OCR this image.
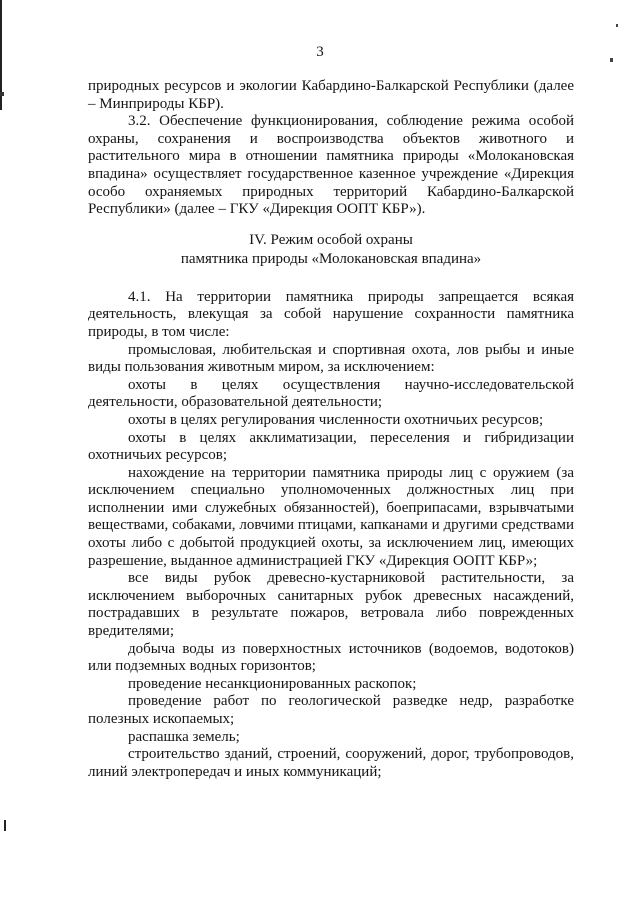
3

природных ресурсов и экологии Кабардино-Балкарской Республики (далее – Минприроды КБР).

3.2. Обеспечение функционирования, соблюдение режима особой охраны, сохранения и воспроизводства объектов животного и растительного мира в отношении памятника природы «Молокановская впадина» осуществляет государственное казенное учреждение «Дирекция особо охраняемых природных территорий Кабардино-Балкарской Республики» (далее – ГКУ «Дирекция ООПТ КБР»).

IV. Режим особой охраны

памятника природы «Молокановская впадина»

4.1. На территории памятника природы запрещается всякая деятельность, влекущая за собой нарушение сохранности памятника природы, в том числе:

промысловая, любительская и спортивная охота, лов рыбы и иные виды пользования животным миром, за исключением:

охоты в целях осуществления научно-исследовательской деятельности, образовательной деятельности;

охоты в целях регулирования численности охотничьих ресурсов;

охоты в целях акклиматизации, переселения и гибридизации охотничьих ресурсов;

нахождение на территории памятника природы лиц с оружием (за исключением специально уполномоченных должностных лиц при исполнении ими служебных обязанностей), боеприпасами, взрывчатыми веществами, собаками, ловчими птицами, капканами и другими средствами охоты либо с добытой продукцией охоты, за исключением лиц, имеющих разрешение, выданное администрацией ГКУ «Дирекция ООПТ КБР»;

все виды рубок древесно-кустарниковой растительности, за исключением выборочных санитарных рубок древесных насаждений, пострадавших в результате пожаров, ветровала либо поврежденных вредителями;

добыча воды из поверхностных источников (водоемов, водотоков) или подземных водных горизонтов;

проведение несанкционированных раскопок;

проведение работ по геологической разведке недр, разработке полезных ископаемых;

распашка земель;

строительство зданий, строений, сооружений, дорог, трубопроводов, линий электропередач и иных коммуникаций;
